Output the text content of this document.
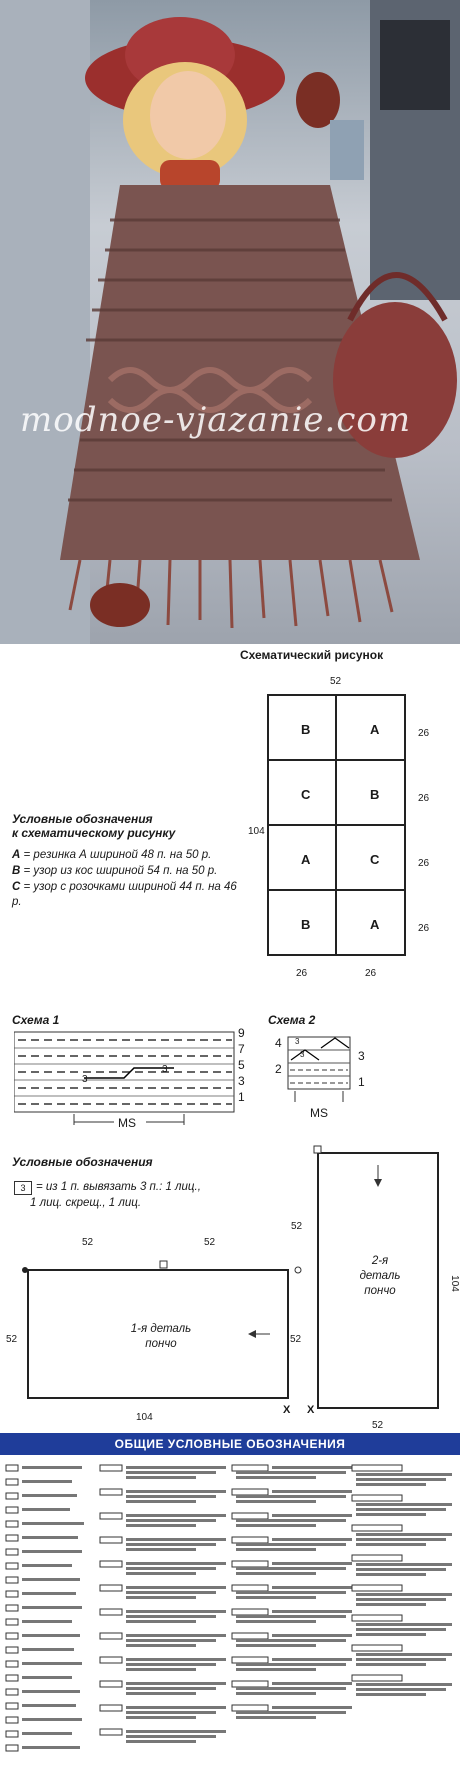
modnoe-vjazanie.com
Схематический рисунок
52
B	A
C	B
A	C
B	A
104
26
26
26
26
26	26
Условные обозначения
к схематическому рисунку
A = резинка А шириной 48 п. на 50 р.
B = узор из кос шириной 54 п. на 50 р.
C = узор с розочками шириной 44 п. на 46 р.
Схема 1
3
3
9
7
5
3
1
MS
Схема 2
4
2
3
1
3
3
MS
Условные обозначения
3 = из 1 п. вывязать 3 п.: 1 лиц.,
1 лиц. скрещ., 1 лиц.
2-я деталь
пончо
52
104
52
X
52	52
52	52
1-я деталь
пончо
104
X
ОБЩИЕ УСЛОВНЫЕ ОБОЗНАЧЕНИЯ
